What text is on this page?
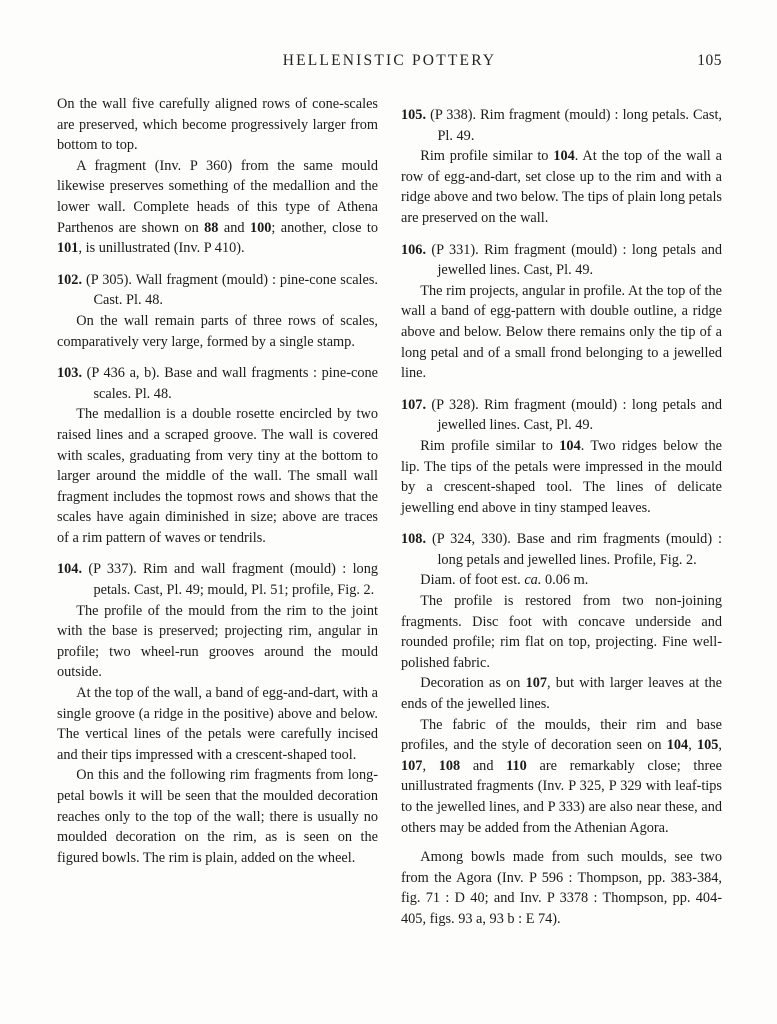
HELLENISTIC POTTERY	105

On the wall five carefully aligned rows of cone-scales are preserved, which become progressively larger from bottom to top.

A fragment (Inv. P 360) from the same mould likewise preserves something of the medallion and the lower wall. Complete heads of this type of Athena Parthenos are shown on 88 and 100; another, close to 101, is unillustrated (Inv. P 410).

102. (P 305). Wall fragment (mould) : pine-cone scales. Cast. Pl. 48.

On the wall remain parts of three rows of scales, comparatively very large, formed by a single stamp.

103. (P 436 a, b). Base and wall fragments : pine-cone scales. Pl. 48.

The medallion is a double rosette encircled by two raised lines and a scraped groove. The wall is covered with scales, graduating from very tiny at the bottom to larger around the middle of the wall. The small wall fragment includes the topmost rows and shows that the scales have again diminished in size; above are traces of a rim pattern of waves or tendrils.

104. (P 337). Rim and wall fragment (mould) : long petals. Cast, Pl. 49; mould, Pl. 51; profile, Fig. 2.

The profile of the mould from the rim to the joint with the base is preserved; projecting rim, angular in profile; two wheel-run grooves around the mould outside.

At the top of the wall, a band of egg-and-dart, with a single groove (a ridge in the positive) above and below. The vertical lines of the petals were carefully incised and their tips impressed with a crescent-shaped tool.

On this and the following rim fragments from long-petal bowls it will be seen that the moulded decoration reaches only to the top of the wall; there is usually no moulded decoration on the rim, as is seen on the figured bowls. The rim is plain, added on the wheel.

105. (P 338). Rim fragment (mould) : long petals. Cast, Pl. 49.

Rim profile similar to 104. At the top of the wall a row of egg-and-dart, set close up to the rim and with a ridge above and two below. The tips of plain long petals are preserved on the wall.

106. (P 331). Rim fragment (mould) : long petals and jewelled lines. Cast, Pl. 49.

The rim projects, angular in profile. At the top of the wall a band of egg-pattern with double outline, a ridge above and below. Below there remains only the tip of a long petal and of a small frond belonging to a jewelled line.

107. (P 328). Rim fragment (mould) : long petals and jewelled lines. Cast, Pl. 49.

Rim profile similar to 104. Two ridges below the lip. The tips of the petals were impressed in the mould by a crescent-shaped tool. The lines of delicate jewelling end above in tiny stamped leaves.

108. (P 324, 330). Base and rim fragments (mould) : long petals and jewelled lines. Profile, Fig. 2.

Diam. of foot est. ca. 0.06 m.

The profile is restored from two non-joining fragments. Disc foot with concave underside and rounded profile; rim flat on top, projecting. Fine well-polished fabric.

Decoration as on 107, but with larger leaves at the ends of the jewelled lines.

The fabric of the moulds, their rim and base profiles, and the style of decoration seen on 104, 105, 107, 108 and 110 are remarkably close; three unillustrated fragments (Inv. P 325, P 329 with leaf-tips to the jewelled lines, and P 333) are also near these, and others may be added from the Athenian Agora.

Among bowls made from such moulds, see two from the Agora (Inv. P 596 : Thompson, pp. 383-384, fig. 71 : D 40; and Inv. P 3378 : Thompson, pp. 404-405, figs. 93 a, 93 b : E 74).
